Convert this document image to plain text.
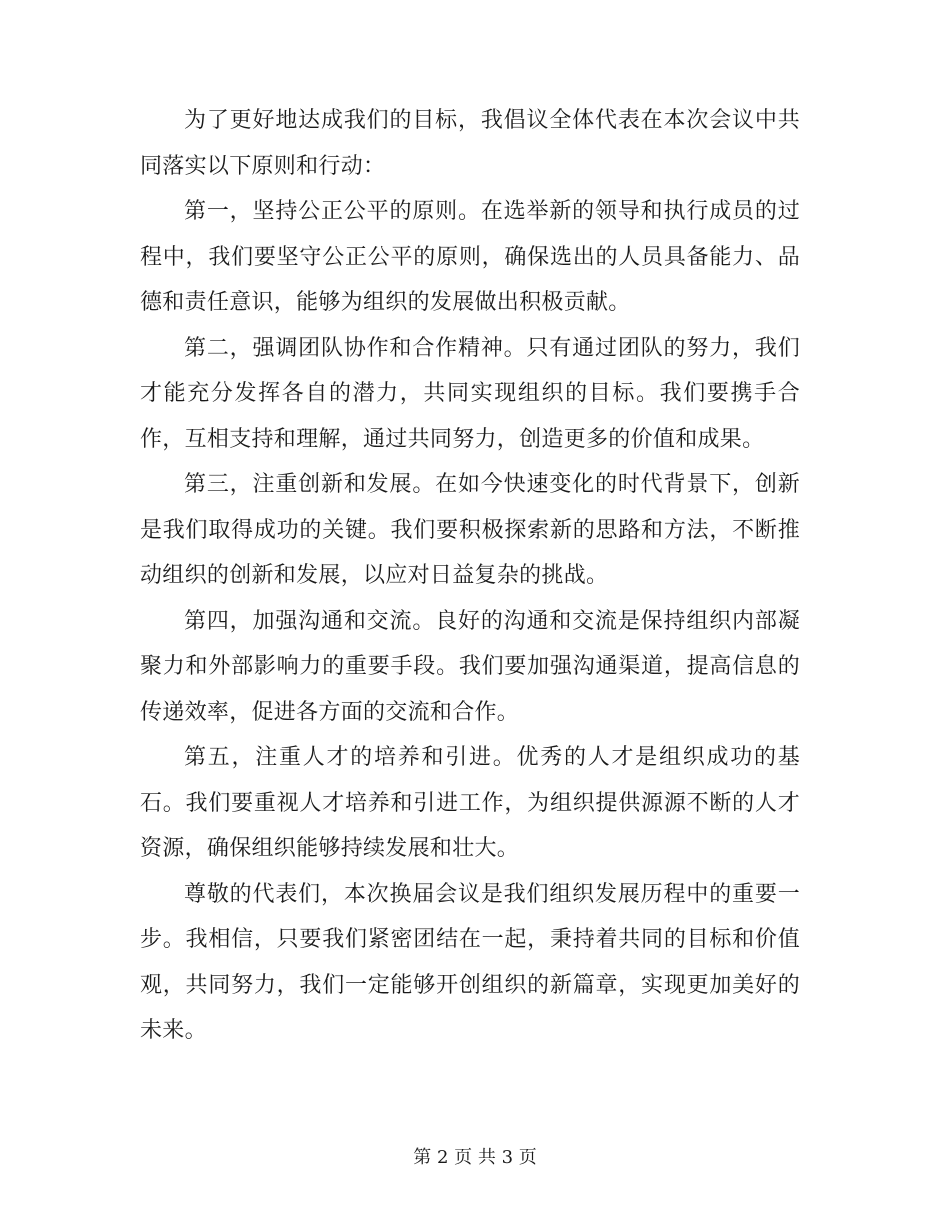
为了更好地达成我们的目标，我倡议全体代表在本次会议中共同落实以下原则和行动：

第一，坚持公正公平的原则。在选举新的领导和执行成员的过程中，我们要坚守公正公平的原则，确保选出的人员具备能力、品德和责任意识，能够为组织的发展做出积极贡献。

第二，强调团队协作和合作精神。只有通过团队的努力，我们才能充分发挥各自的潜力，共同实现组织的目标。我们要携手合作，互相支持和理解，通过共同努力，创造更多的价值和成果。

第三，注重创新和发展。在如今快速变化的时代背景下，创新是我们取得成功的关键。我们要积极探索新的思路和方法，不断推动组织的创新和发展，以应对日益复杂的挑战。

第四，加强沟通和交流。良好的沟通和交流是保持组织内部凝聚力和外部影响力的重要手段。我们要加强沟通渠道，提高信息的传递效率，促进各方面的交流和合作。

第五，注重人才的培养和引进。优秀的人才是组织成功的基石。我们要重视人才培养和引进工作，为组织提供源源不断的人才资源，确保组织能够持续发展和壮大。

尊敬的代表们，本次换届会议是我们组织发展历程中的重要一步。我相信，只要我们紧密团结在一起，秉持着共同的目标和价值观，共同努力，我们一定能够开创组织的新篇章，实现更加美好的未来。

第 2 页 共 3 页
